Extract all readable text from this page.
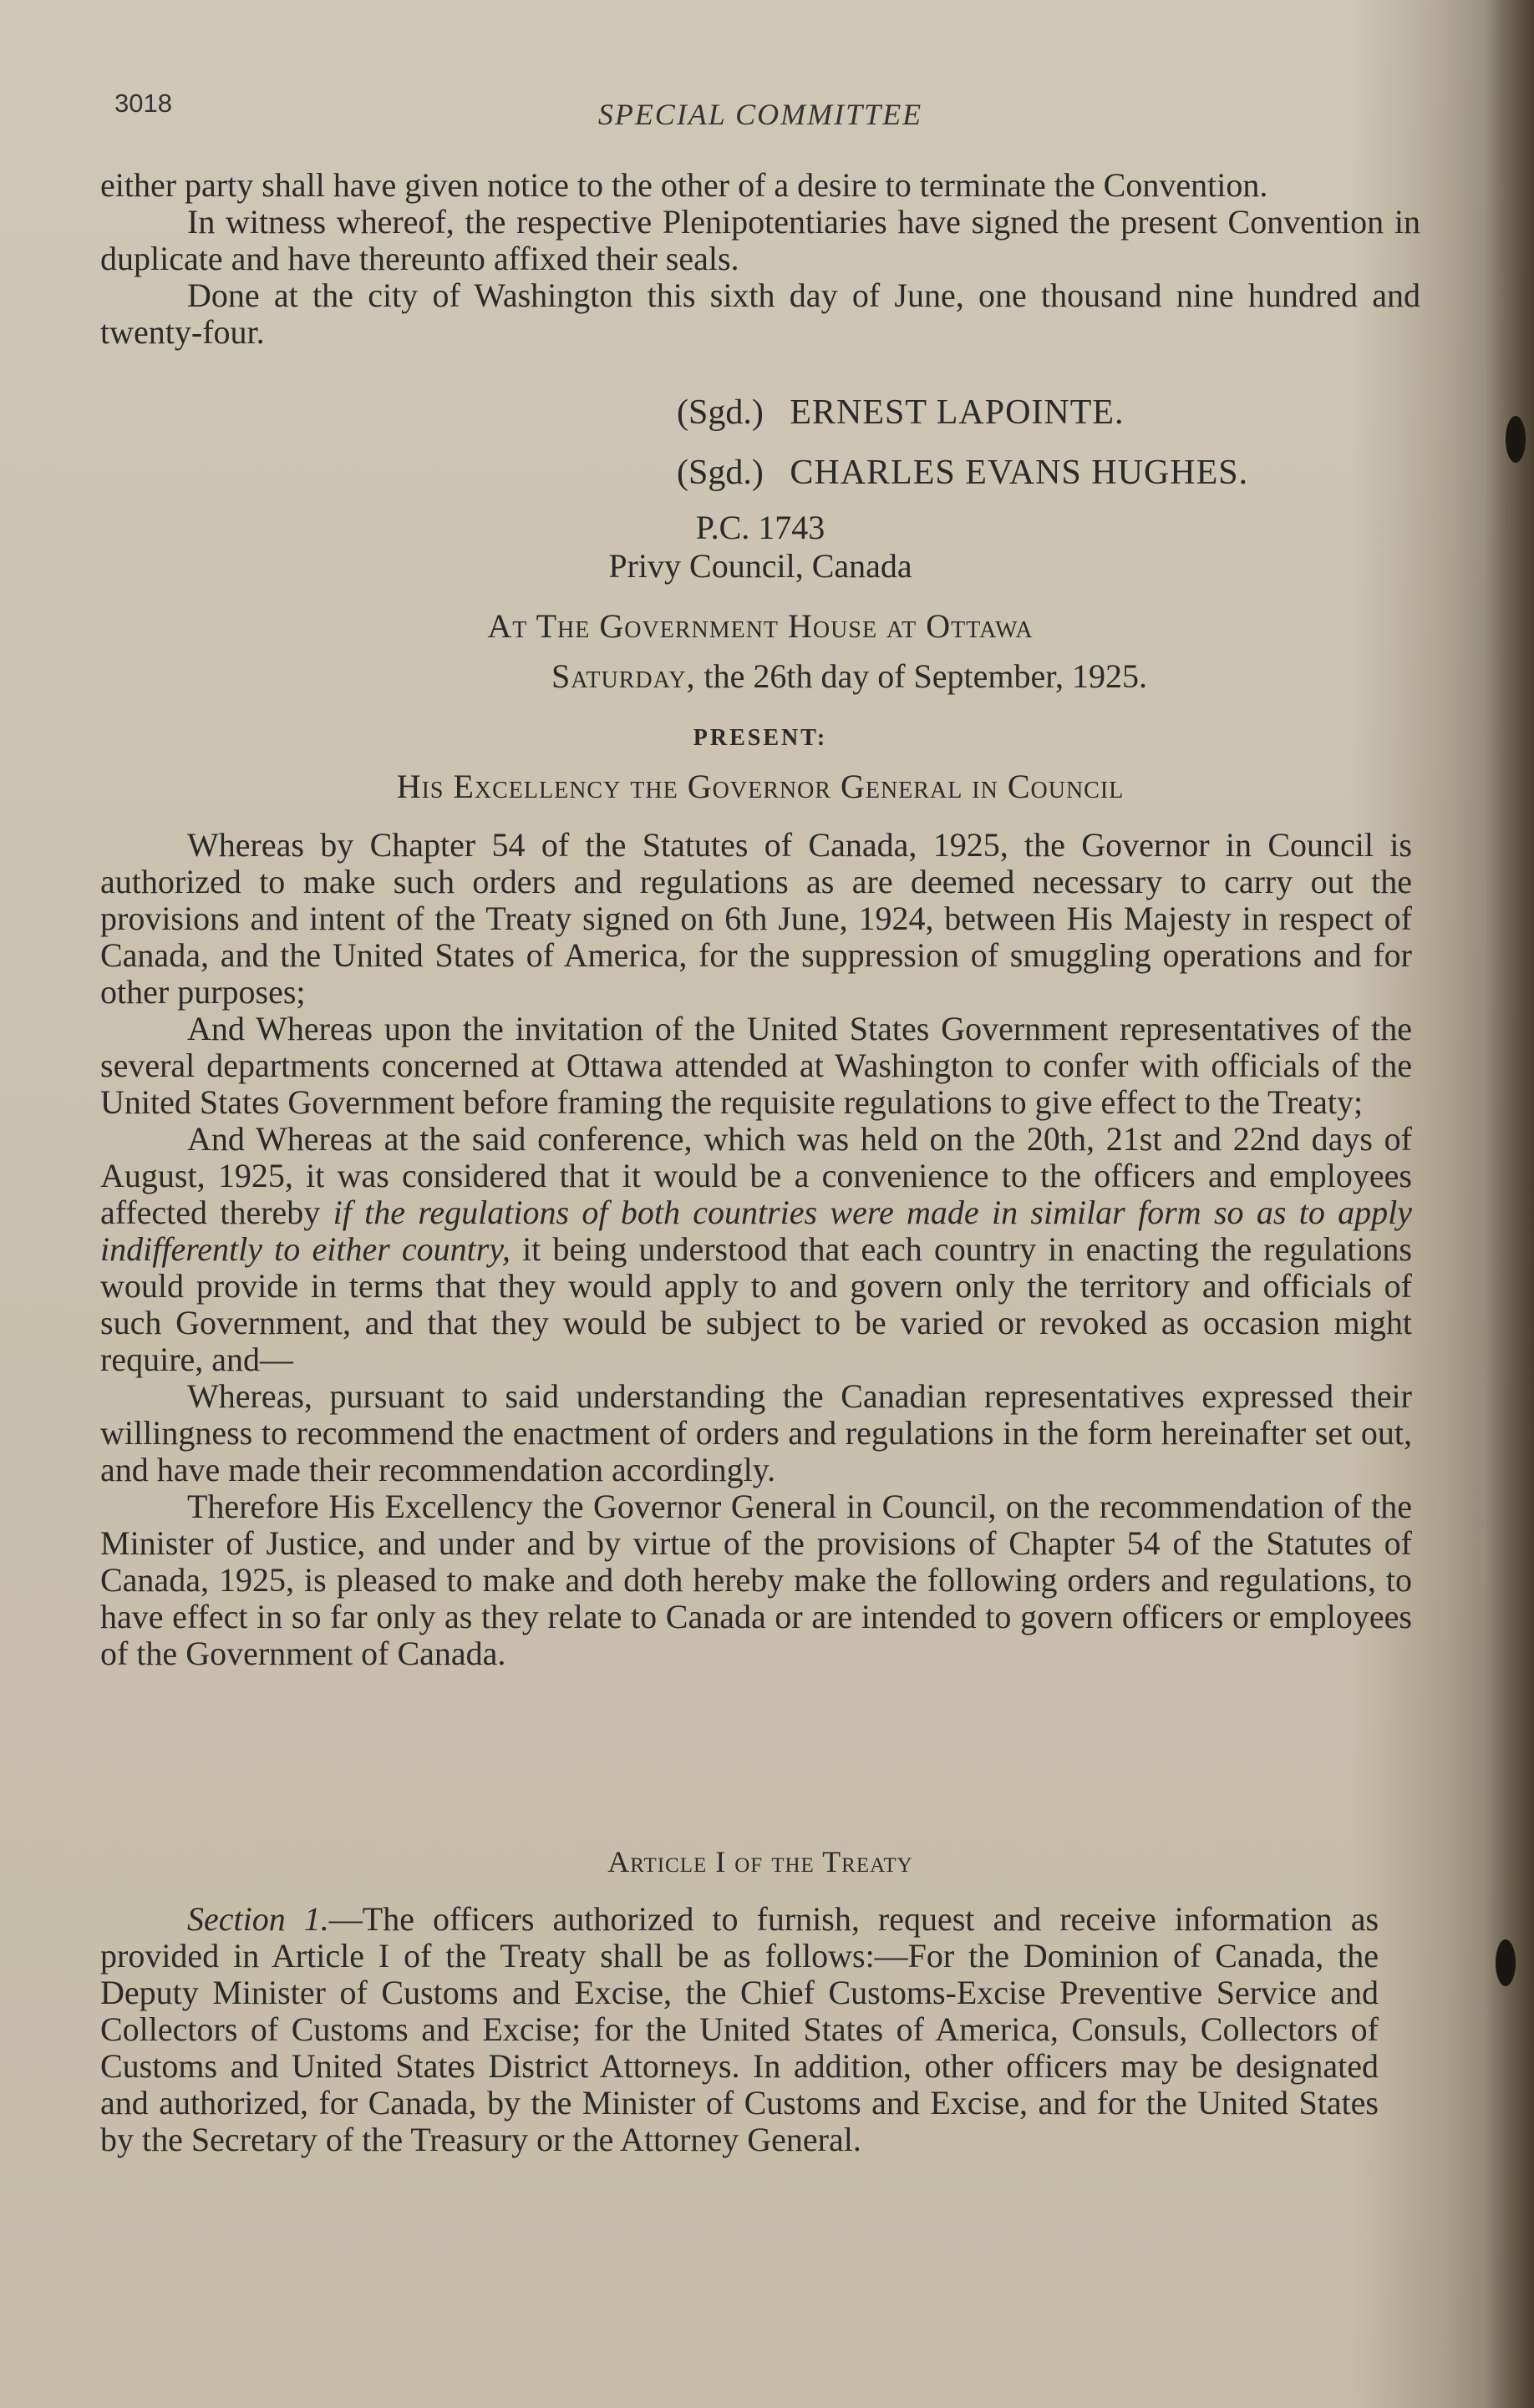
3018	SPECIAL COMMITTEE

either party shall have given notice to the other of a desire to terminate the Convention.

In witness whereof, the respective Plenipotentiaries have signed the present Convention in duplicate and have thereunto affixed their seals.

Done at the city of Washington this sixth day of June, one thousand nine hundred and twenty-four.

(Sgd.) ERNEST LAPOINTE.
(Sgd.) CHARLES EVANS HUGHES.
P.C. 1743
Privy Council, Canada
At The Government House at Ottawa
Saturday, the 26th day of September, 1925.
PRESENT:
His Excellency the Governor General in Council

Whereas by Chapter 54 of the Statutes of Canada, 1925, the Governor in Council is authorized to make such orders and regulations as are deemed necessary to carry out the provisions and intent of the Treaty signed on 6th June, 1924, between His Majesty in respect of Canada, and the United States of America, for the suppression of smuggling operations and for other purposes;

And Whereas upon the invitation of the United States Government representatives of the several departments concerned at Ottawa attended at Washington to confer with officials of the United States Government before framing the requisite regulations to give effect to the Treaty;

And Whereas at the said conference, which was held on the 20th, 21st and 22nd days of August, 1925, it was considered that it would be a convenience to the officers and employees affected thereby if the regulations of both countries were made in similar form so as to apply indifferently to either country, it being understood that each country in enacting the regulations would provide in terms that they would apply to and govern only the territory and officials of such Government, and that they would be subject to be varied or revoked as occasion might require, and—

Whereas, pursuant to said understanding the Canadian representatives expressed their willingness to recommend the enactment of orders and regulations in the form hereinafter set out, and have made their recommendation accordingly.

Therefore His Excellency the Governor General in Council, on the recommendation of the Minister of Justice, and under and by virtue of the provisions of Chapter 54 of the Statutes of Canada, 1925, is pleased to make and doth hereby make the following orders and regulations, to have effect in so far only as they relate to Canada or are intended to govern officers or employees of the Government of Canada.

Article I of the Treaty

Section 1.—The officers authorized to furnish, request and receive information as provided in Article I of the Treaty shall be as follows:—For the Dominion of Canada, the Deputy Minister of Customs and Excise, the Chief Customs-Excise Preventive Service and Collectors of Customs and Excise; for the United States of America, Consuls, Collectors of Customs and United States District Attorneys. In addition, other officers may be designated and authorized, for Canada, by the Minister of Customs and Excise, and for the United States by the Secretary of the Treasury or the Attorney General.
